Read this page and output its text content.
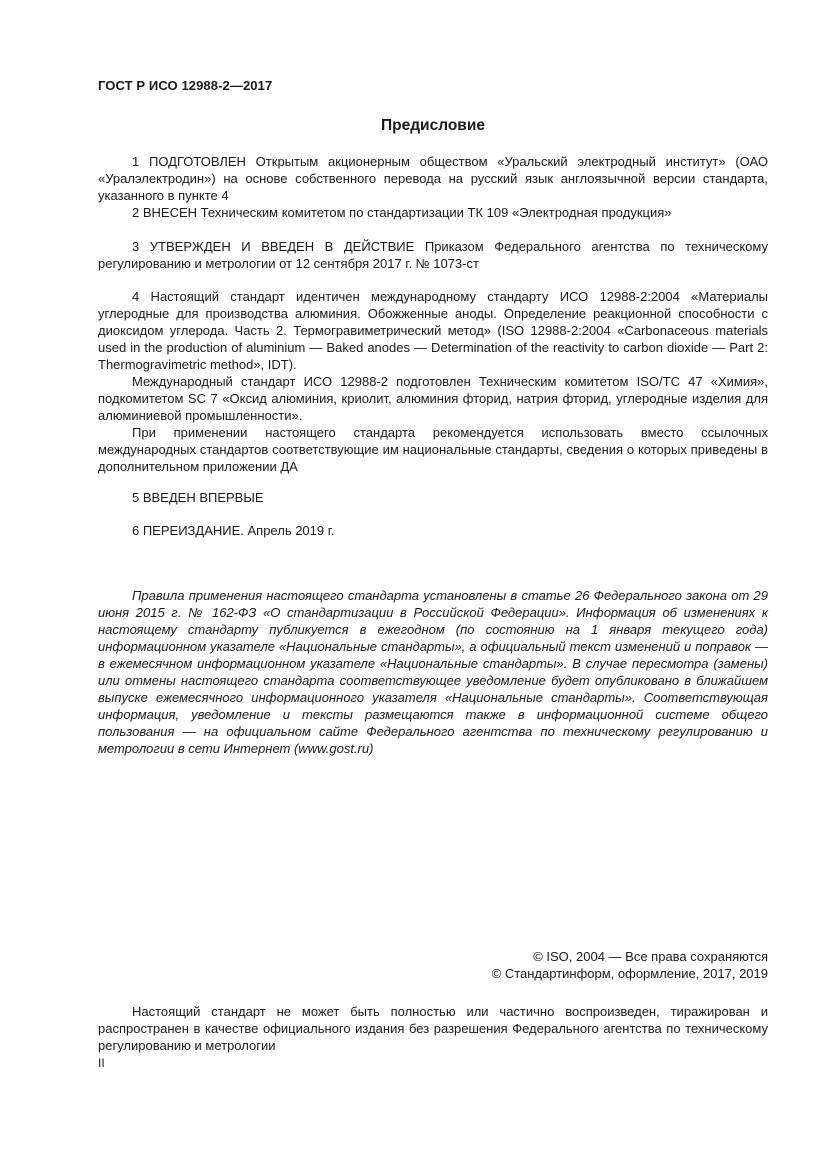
ГОСТ Р ИСО 12988-2—2017
Предисловие

1 ПОДГОТОВЛЕН Открытым акционерным обществом «Уральский электродный институт» (ОАО «Уралэлектродин») на основе собственного перевода на русский язык англоязычной версии стандарта, указанного в пункте 4

2 ВНЕСЕН Техническим комитетом по стандартизации ТК 109 «Электродная продукция»

3 УТВЕРЖДЕН И ВВЕДЕН В ДЕЙСТВИЕ Приказом Федерального агентства по техническому регулированию и метрологии от 12 сентября 2017 г. № 1073-ст

4 Настоящий стандарт идентичен международному стандарту ИСО 12988-2:2004 «Материалы углеродные для производства алюминия. Обожженные аноды. Определение реакционной способности с диоксидом углерода. Часть 2. Термогравиметрический метод» (ISO 12988-2:2004 «Carbonaceous materials used in the production of aluminium — Baked anodes — Determination of the reactivity to carbon dioxide — Part 2: Thermogravimetric method», IDT).

Международный стандарт ИСО 12988-2 подготовлен Техническим комитетом ISO/TC 47 «Химия», подкомитетом SC 7 «Оксид алюминия, криолит, алюминия фторид, натрия фторид, углеродные изделия для алюминиевой промышленности».

При применении настоящего стандарта рекомендуется использовать вместо ссылочных международных стандартов соответствующие им национальные стандарты, сведения о которых приведены в дополнительном приложении ДА

5 ВВЕДЕН ВПЕРВЫЕ

6 ПЕРЕИЗДАНИЕ. Апрель 2019 г.

Правила применения настоящего стандарта установлены в статье 26 Федерального закона от 29 июня 2015 г. № 162-ФЗ «О стандартизации в Российской Федерации». Информация об изменениях к настоящему стандарту публикуется в ежегодном (по состоянию на 1 января текущего года) информационном указателе «Национальные стандарты», а официальный текст изменений и поправок — в ежемесячном информационном указателе «Национальные стандарты». В случае пересмотра (замены) или отмены настоящего стандарта соответствующее уведомление будет опубликовано в ближайшем выпуске ежемесячного информационного указателя «Национальные стандарты». Соответствующая информация, уведомление и тексты размещаются также в информационной системе общего пользования — на официальном сайте Федерального агентства по техническому регулированию и метрологии в сети Интернет (www.gost.ru)

© ISO, 2004 — Все права сохраняются
© Стандартинформ, оформление, 2017, 2019

Настоящий стандарт не может быть полностью или частично воспроизведен, тиражирован и распространен в качестве официального издания без разрешения Федерального агентства по техническому регулированию и метрологии

II
